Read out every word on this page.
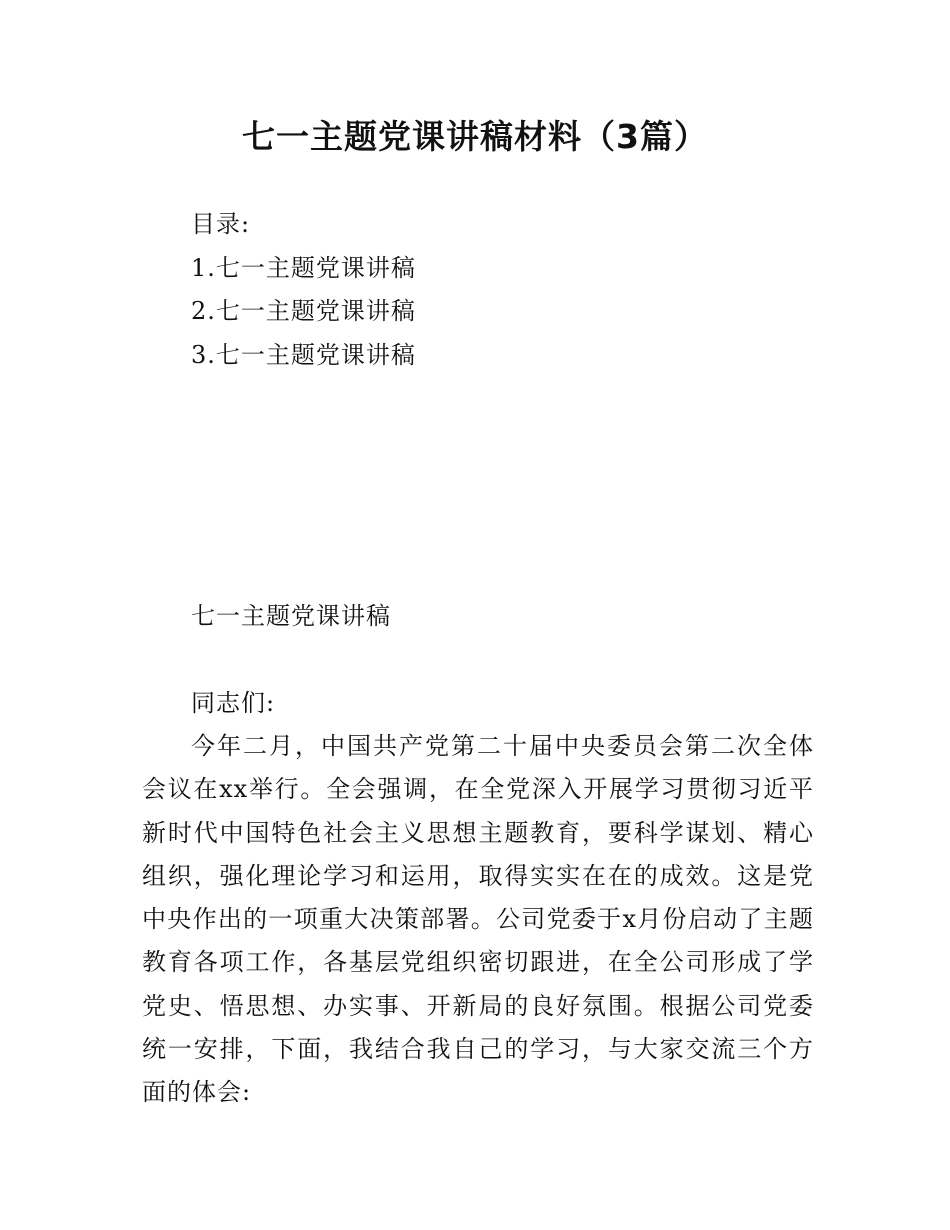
七一主题党课讲稿材料（3篇）
目录:
1.七一主题党课讲稿
2.七一主题党课讲稿
3.七一主题党课讲稿
七一主题党课讲稿
同志们:

今年二月，中国共产党第二十届中央委员会第二次全体会议在xx举行。全会强调，在全党深入开展学习贯彻习近平新时代中国特色社会主义思想主题教育，要科学谋划、精心组织，强化理论学习和运用，取得实实在在的成效。这是党中央作出的一项重大决策部署。公司党委于x月份启动了主题教育各项工作，各基层党组织密切跟进，在全公司形成了学党史、悟思想、办实事、开新局的良好氛围。根据公司党委统一安排，下面，我结合我自己的学习，与大家交流三个方面的体会:
